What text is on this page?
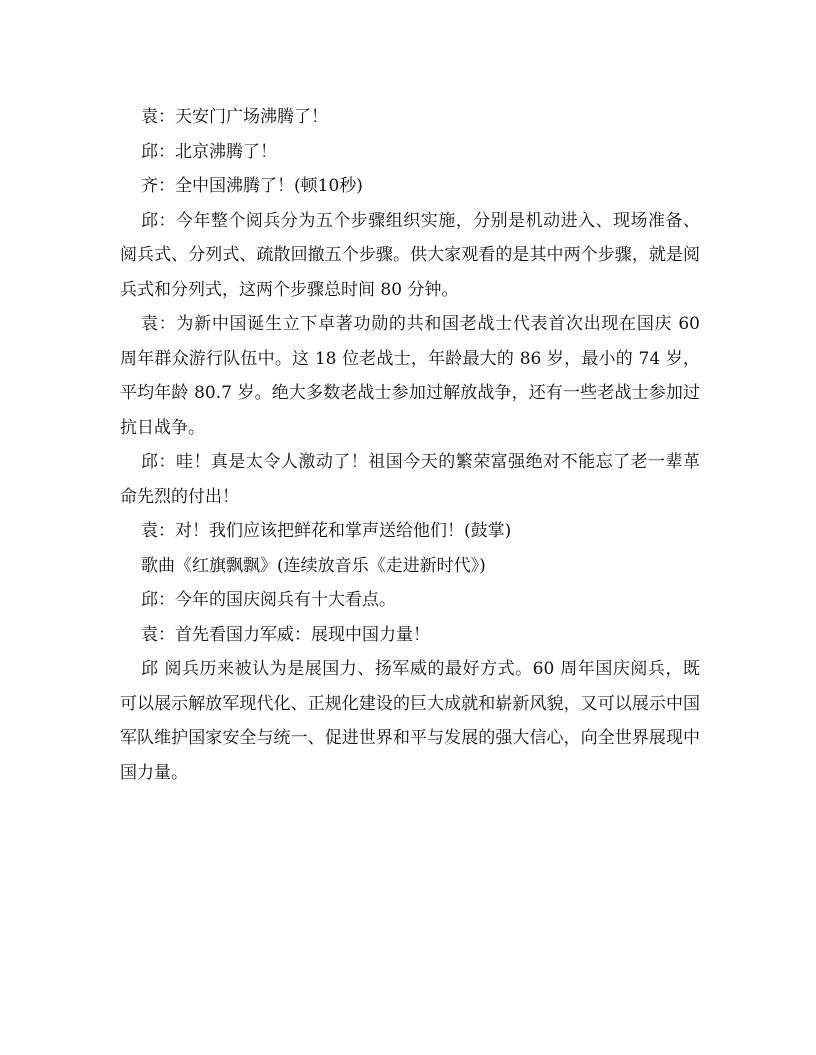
袁：天安门广场沸腾了！

邱：北京沸腾了！

齐：全中国沸腾了！(顿10秒)

邱：今年整个阅兵分为五个步骤组织实施，分别是机动进入、现场准备、阅兵式、分列式、疏散回撤五个步骤。供大家观看的是其中两个步骤，就是阅兵式和分列式，这两个步骤总时间 80 分钟。

袁：为新中国诞生立下卓著功勋的共和国老战士代表首次出现在国庆 60 周年群众游行队伍中。这 18 位老战士，年龄最大的 86 岁，最小的 74 岁，平均年龄 80.7 岁。绝大多数老战士参加过解放战争，还有一些老战士参加过抗日战争。

邱：哇！真是太令人激动了！祖国今天的繁荣富强绝对不能忘了老一辈革命先烈的付出！

袁：对！我们应该把鲜花和掌声送给他们！(鼓掌)

歌曲《红旗飘飘》(连续放音乐《走进新时代》)

邱：今年的国庆阅兵有十大看点。

袁：首先看国力军威：展现中国力量！

邱 阅兵历来被认为是展国力、扬军威的最好方式。60 周年国庆阅兵，既可以展示解放军现代化、正规化建设的巨大成就和崭新风貌，又可以展示中国军队维护国家安全与统一、促进世界和平与发展的强大信心，向全世界展现中国力量。
